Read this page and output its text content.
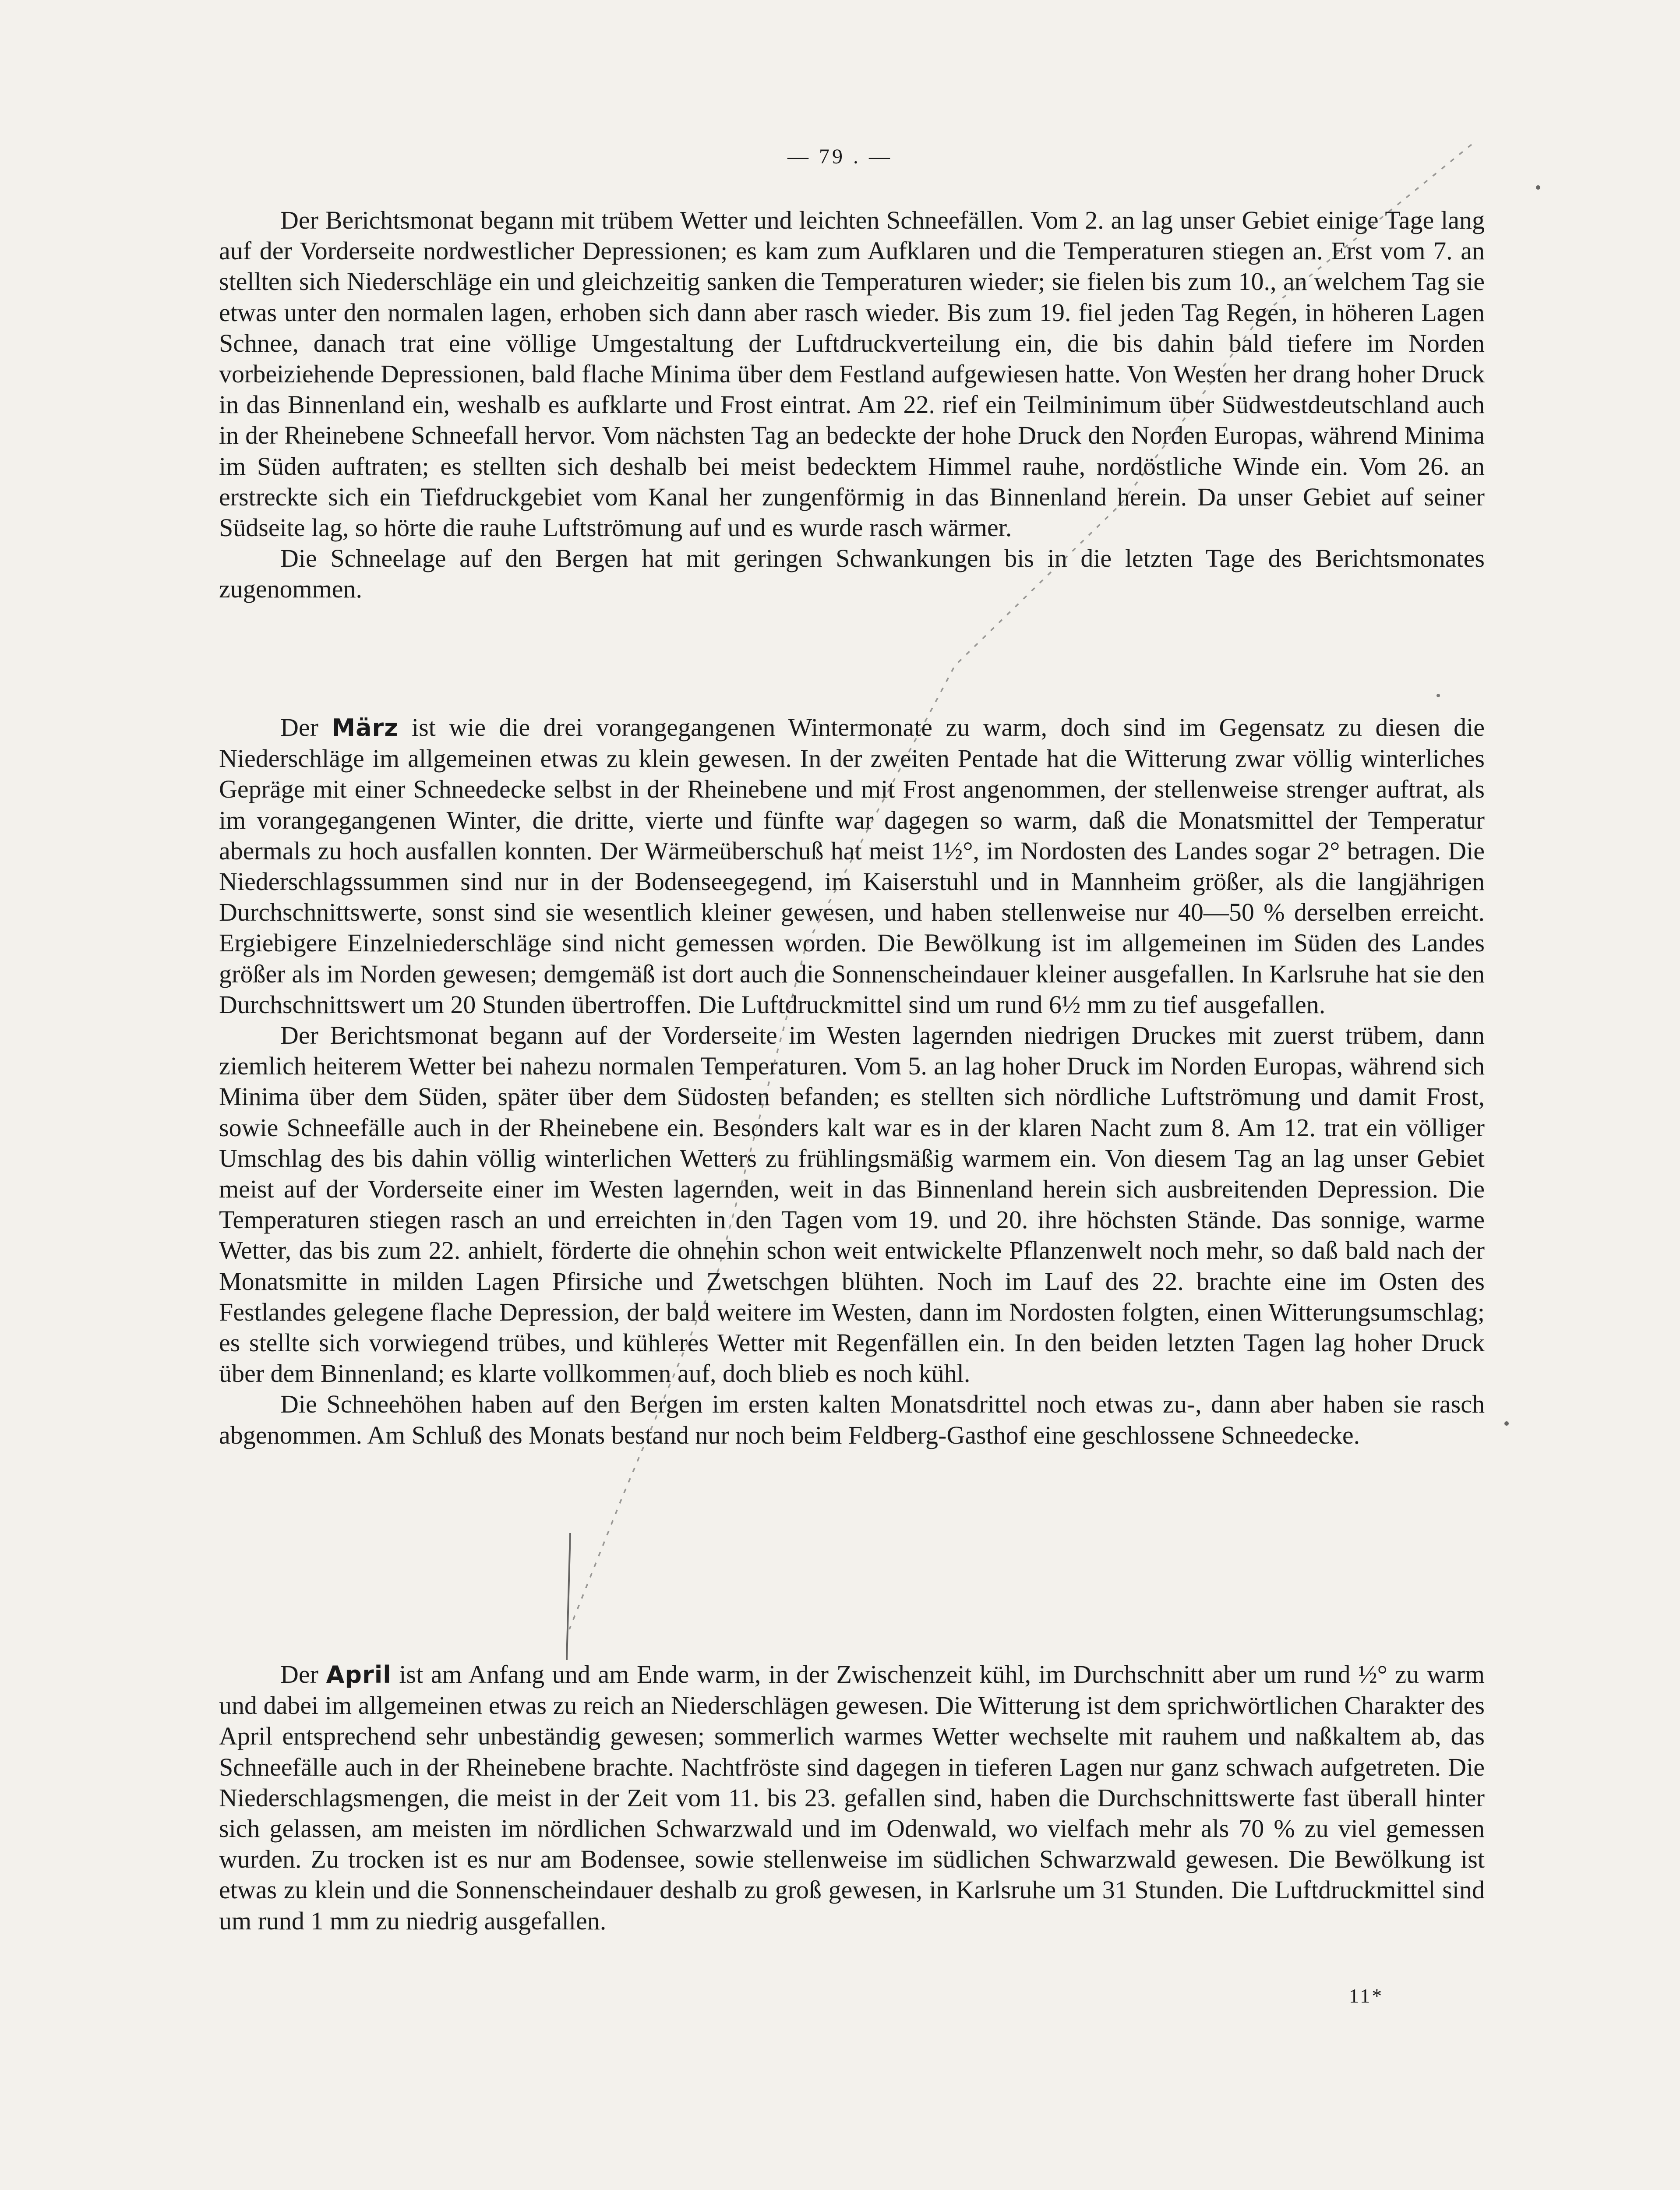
— 79 . —

Der Berichtsmonat begann mit trübem Wetter und leichten Schneefällen. Vom 2. an lag unser Gebiet einige Tage lang auf der Vorderseite nordwestlicher Depressionen; es kam zum Aufklaren und die Temperaturen stiegen an. Erst vom 7. an stellten sich Niederschläge ein und gleichzeitig sanken die Temperaturen wieder; sie fielen bis zum 10., an welchem Tag sie etwas unter den normalen lagen, erhoben sich dann aber rasch wieder. Bis zum 19. fiel jeden Tag Regen, in höheren Lagen Schnee, danach trat eine völlige Umgestaltung der Luftdruckverteilung ein, die bis dahin bald tiefere im Norden vorbeiziehende Depressionen, bald flache Minima über dem Festland aufgewiesen hatte. Von Westen her drang hoher Druck in das Binnenland ein, weshalb es aufklarte und Frost eintrat. Am 22. rief ein Teilminimum über Südwestdeutschland auch in der Rheinebene Schneefall hervor. Vom nächsten Tag an bedeckte der hohe Druck den Norden Europas, während Minima im Süden auftraten; es stellten sich deshalb bei meist bedecktem Himmel rauhe, nordöstliche Winde ein. Vom 26. an erstreckte sich ein Tiefdruckgebiet vom Kanal her zungenförmig in das Binnenland herein. Da unser Gebiet auf seiner Südseite lag, so hörte die rauhe Luftströmung auf und es wurde rasch wärmer.

Die Schneelage auf den Bergen hat mit geringen Schwankungen bis in die letzten Tage des Berichtsmonates zugenommen.

Der März ist wie die drei vorangegangenen Wintermonate zu warm, doch sind im Gegensatz zu diesen die Niederschläge im allgemeinen etwas zu klein gewesen. In der zweiten Pentade hat die Witterung zwar völlig winterliches Gepräge mit einer Schneedecke selbst in der Rheinebene und mit Frost angenommen, der stellenweise strenger auftrat, als im vorangegangenen Winter, die dritte, vierte und fünfte war dagegen so warm, daß die Monatsmittel der Temperatur abermals zu hoch ausfallen konnten. Der Wärmeüberschuß hat meist 1½°, im Nordosten des Landes sogar 2° betragen. Die Niederschlagssummen sind nur in der Bodenseegegend, im Kaiserstuhl und in Mannheim größer, als die langjährigen Durchschnittswerte, sonst sind sie wesentlich kleiner gewesen, und haben stellenweise nur 40—50 % derselben erreicht. Ergiebigere Einzelniederschläge sind nicht gemessen worden. Die Bewölkung ist im allgemeinen im Süden des Landes größer als im Norden gewesen; demgemäß ist dort auch die Sonnenscheindauer kleiner ausgefallen. In Karlsruhe hat sie den Durchschnittswert um 20 Stunden übertroffen. Die Luftdruckmittel sind um rund 6½ mm zu tief ausgefallen.

Der Berichtsmonat begann auf der Vorderseite im Westen lagernden niedrigen Druckes mit zuerst trübem, dann ziemlich heiterem Wetter bei nahezu normalen Temperaturen. Vom 5. an lag hoher Druck im Norden Europas, während sich Minima über dem Süden, später über dem Südosten befanden; es stellten sich nördliche Luftströmung und damit Frost, sowie Schneefälle auch in der Rheinebene ein. Besonders kalt war es in der klaren Nacht zum 8. Am 12. trat ein völliger Umschlag des bis dahin völlig winterlichen Wetters zu frühlingsmäßig warmem ein. Von diesem Tag an lag unser Gebiet meist auf der Vorderseite einer im Westen lagernden, weit in das Binnenland herein sich ausbreitenden Depression. Die Temperaturen stiegen rasch an und erreichten in den Tagen vom 19. und 20. ihre höchsten Stände. Das sonnige, warme Wetter, das bis zum 22. anhielt, förderte die ohnehin schon weit entwickelte Pflanzenwelt noch mehr, so daß bald nach der Monatsmitte in milden Lagen Pfirsiche und Zwetschgen blühten. Noch im Lauf des 22. brachte eine im Osten des Festlandes gelegene flache Depression, der bald weitere im Westen, dann im Nordosten folgten, einen Witterungsumschlag; es stellte sich vorwiegend trübes, und kühleres Wetter mit Regenfällen ein. In den beiden letzten Tagen lag hoher Druck über dem Binnenland; es klarte vollkommen auf, doch blieb es noch kühl.

Die Schneehöhen haben auf den Bergen im ersten kalten Monatsdrittel noch etwas zu-, dann aber haben sie rasch abgenommen. Am Schluß des Monats bestand nur noch beim Feldberg-Gasthof eine geschlossene Schneedecke.

Der April ist am Anfang und am Ende warm, in der Zwischenzeit kühl, im Durchschnitt aber um rund ½° zu warm und dabei im allgemeinen etwas zu reich an Niederschlägen gewesen. Die Witterung ist dem sprichwörtlichen Charakter des April entsprechend sehr unbeständig gewesen; sommerlich warmes Wetter wechselte mit rauhem und naßkaltem ab, das Schneefälle auch in der Rheinebene brachte. Nachtfröste sind dagegen in tieferen Lagen nur ganz schwach aufgetreten. Die Niederschlagsmengen, die meist in der Zeit vom 11. bis 23. gefallen sind, haben die Durchschnittswerte fast überall hinter sich gelassen, am meisten im nördlichen Schwarzwald und im Odenwald, wo vielfach mehr als 70 % zu viel gemessen wurden. Zu trocken ist es nur am Bodensee, sowie stellenweise im südlichen Schwarzwald gewesen. Die Bewölkung ist etwas zu klein und die Sonnenscheindauer deshalb zu groß gewesen, in Karlsruhe um 31 Stunden. Die Luftdruckmittel sind um rund 1 mm zu niedrig ausgefallen.

11*
